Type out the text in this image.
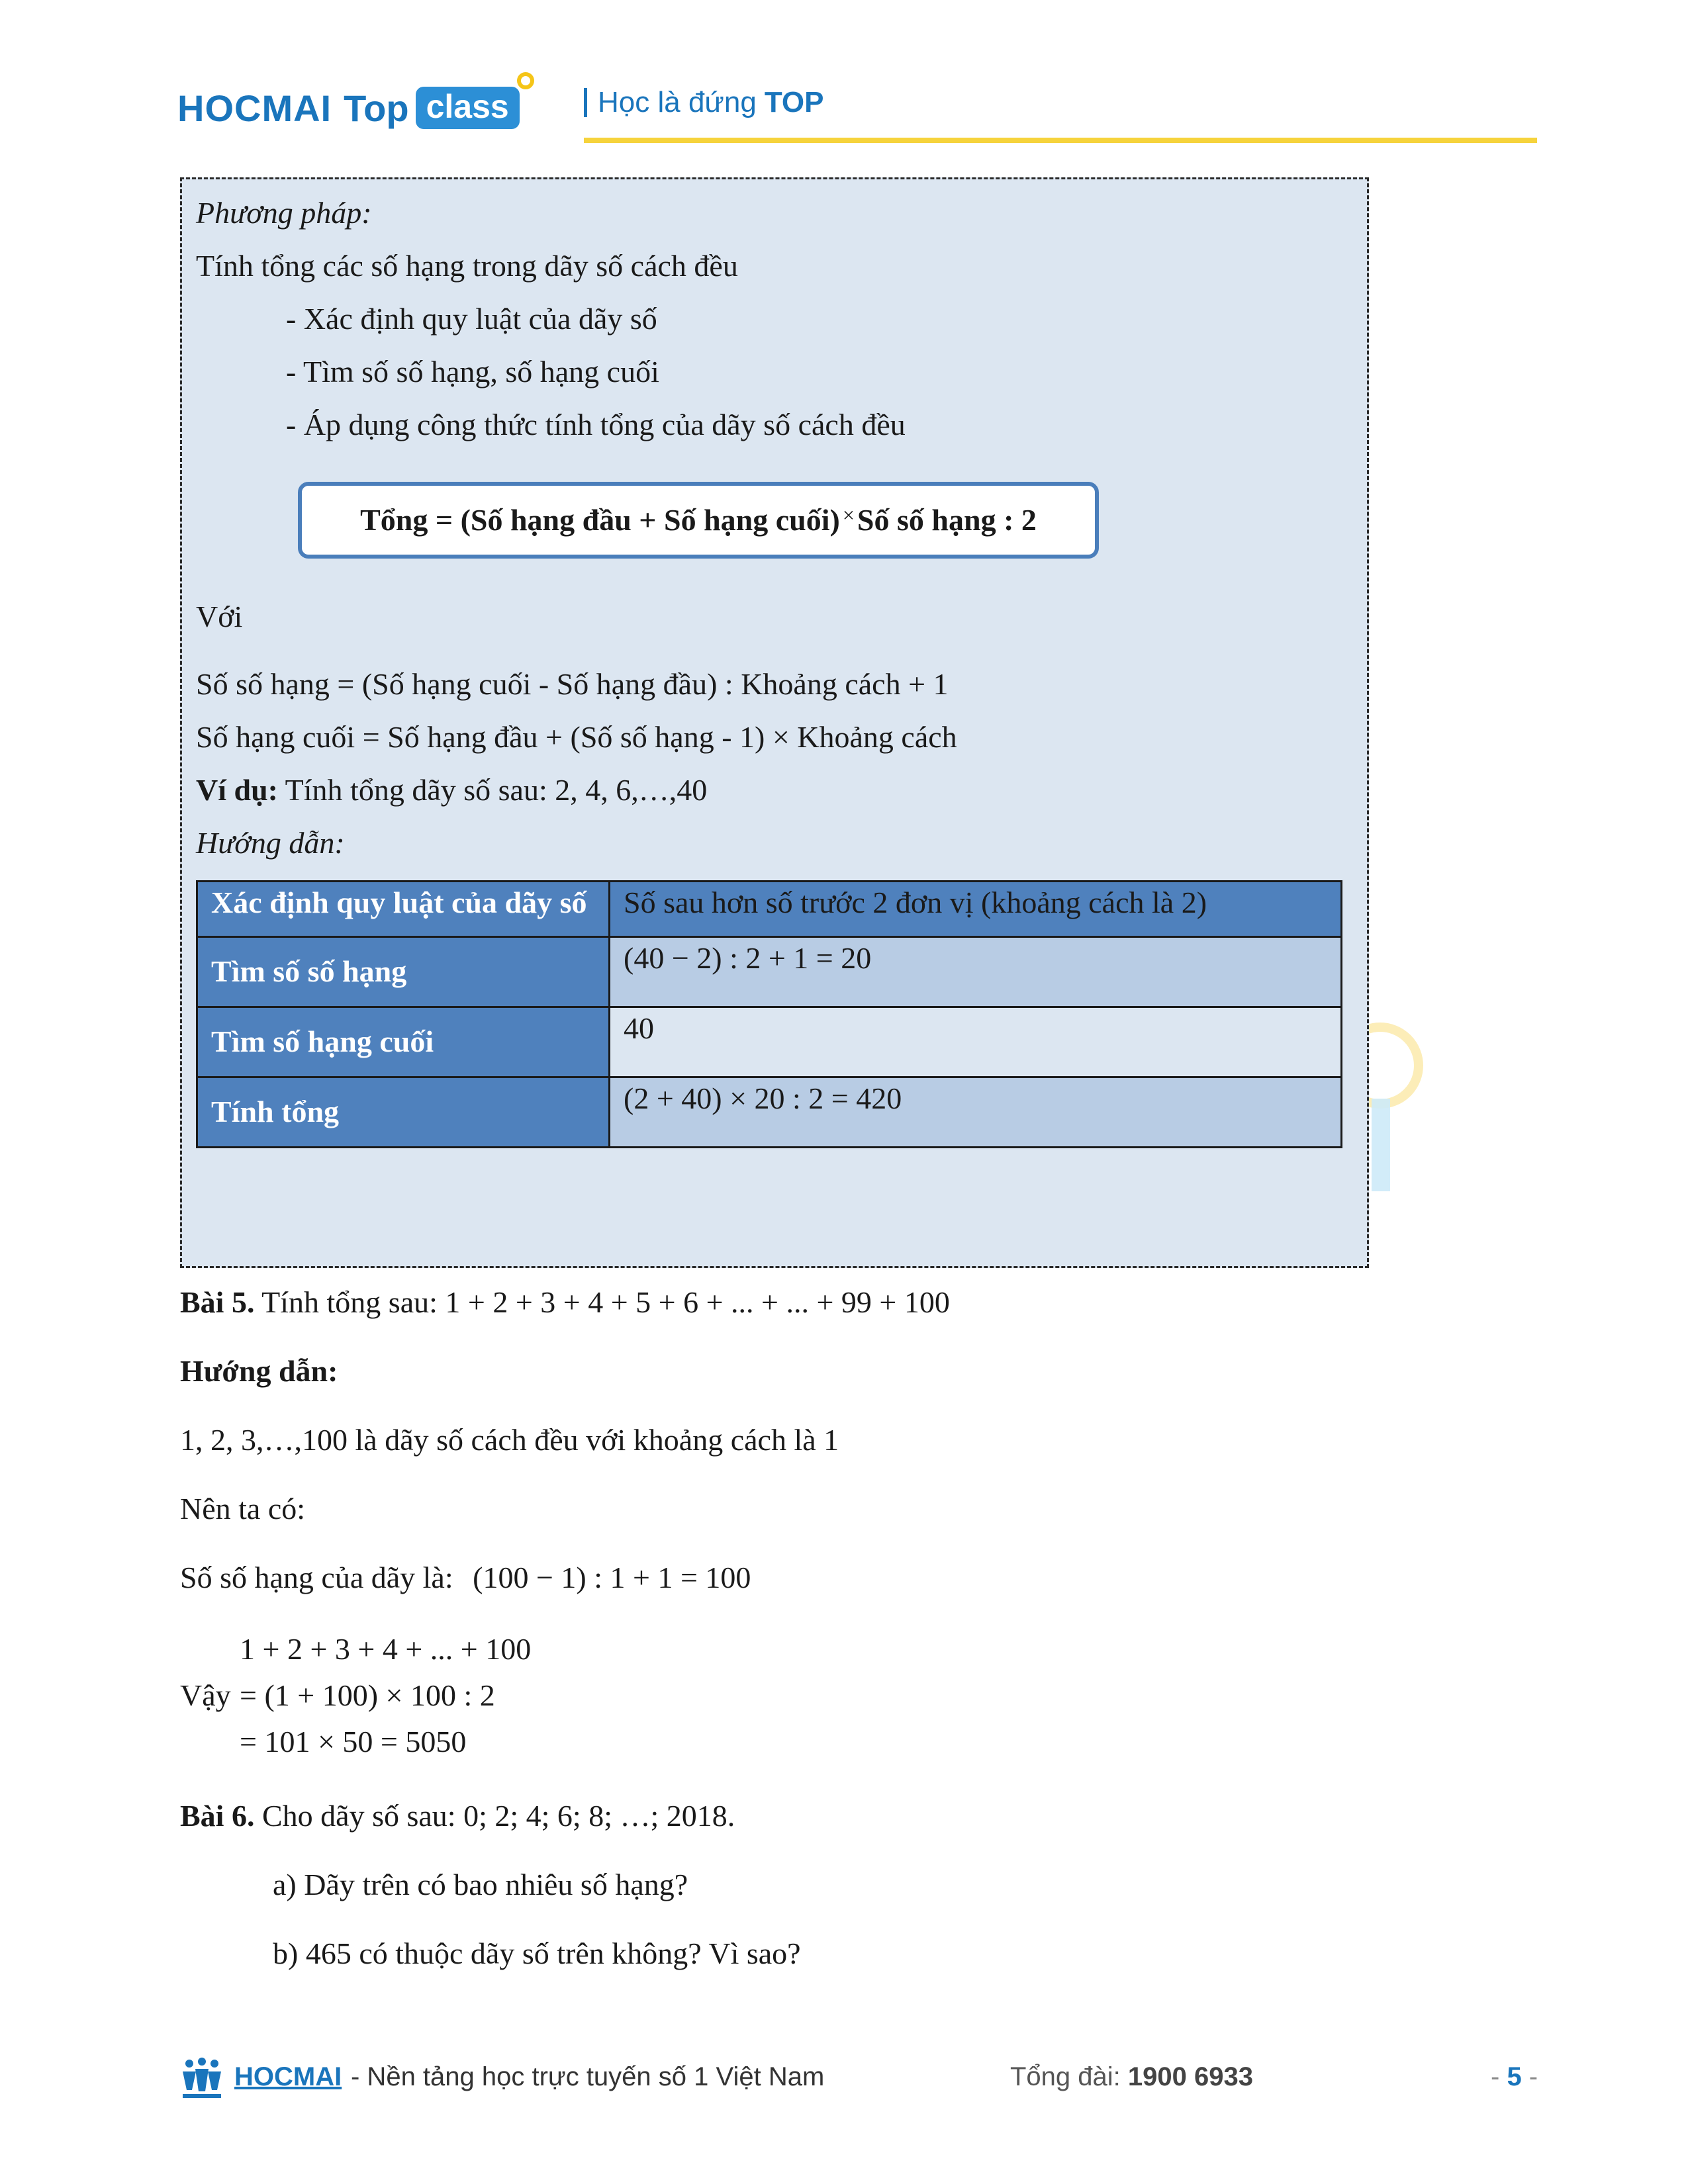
HOCMAI Top class	Học là đứng TOP
Phương pháp:
Tính tổng các số hạng trong dãy số cách đều
- Xác định quy luật của dãy số
- Tìm số số hạng, số hạng cuối
- Áp dụng công thức tính tổng của dãy số cách đều
Tổng = (Số hạng đầu + Số hạng cuối) × Số số hạng : 2
Với
Số số hạng = (Số hạng cuối - Số hạng đầu) : Khoảng cách + 1
Số hạng cuối = Số hạng đầu + (Số số hạng - 1) × Khoảng cách
Ví dụ: Tính tổng dãy số sau: 2, 4, 6,…,40
Hướng dẫn:
Xác định quy luật của dãy số	Số sau hơn số trước 2 đơn vị (khoảng cách là 2)

Tìm số số hạng	(40 − 2) : 2 + 1 = 20

Tìm số hạng cuối	40

Tính tổng	(2 + 40) × 20 : 2 = 420
Bài 5. Tính tổng sau: 1 + 2 + 3 + 4 + 5 + 6 + ... + ... + 99 + 100
Hướng dẫn:
1, 2, 3,…,100 là dãy số cách đều với khoảng cách là 1
Nên ta có:
Số số hạng của dãy là: (100 − 1) : 1 + 1 = 100
1 + 2 + 3 + 4 + ... + 100
Vậy = (1 + 100) × 100 : 2
= 101 × 50 = 5050
Bài 6. Cho dãy số sau: 0; 2; 4; 6; 8; …; 2018.
a) Dãy trên có bao nhiêu số hạng?
b) 465 có thuộc dãy số trên không? Vì sao?
HOCMAI - Nền tảng học trực tuyến số 1 Việt Nam	Tổng đài: 1900 6933	- 5 -
